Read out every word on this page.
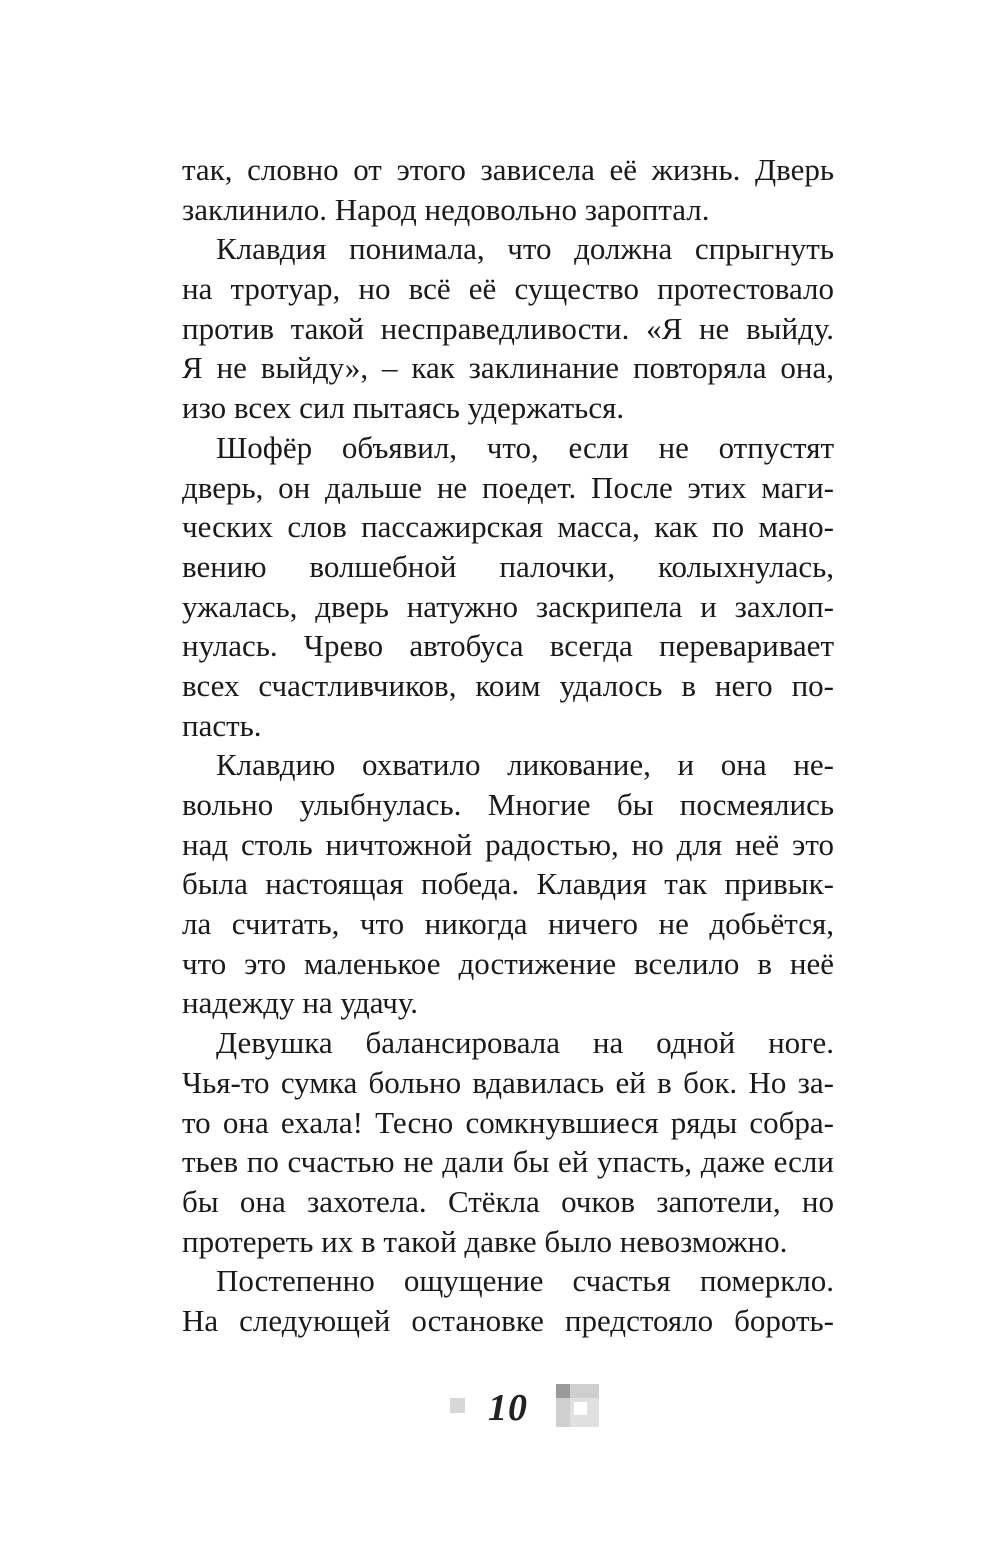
так, словно от этого зависела её жизнь. Дверь
заклинило. Народ недовольно зароптал.
Клавдия понимала, что должна спрыгнуть
на тротуар, но всё её существо протестовало
против такой несправедливости. «Я не выйду.
Я не выйду», – как заклинание повторяла она,
изо всех сил пытаясь удержаться.
Шофёр объявил, что, если не отпустят
дверь, он дальше не поедет. После этих маги-
ческих слов пассажирская масса, как по мано-
вению волшебной палочки, колыхнулась,
ужалась, дверь натужно заскрипела и захлоп-
нулась. Чрево автобуса всегда переваривает
всех счастливчиков, коим удалось в него по-
пасть.
Клавдию охватило ликование, и она не-
вольно улыбнулась. Многие бы посмеялись
над столь ничтожной радостью, но для неё это
была настоящая победа. Клавдия так привык-
ла считать, что никогда ничего не добьётся,
что это маленькое достижение вселило в неё
надежду на удачу.
Девушка балансировала на одной ноге.
Чья-то сумка больно вдавилась ей в бок. Но за-
то она ехала! Тесно сомкнувшиеся ряды собра-
тьев по счастью не дали бы ей упасть, даже если
бы она захотела. Стёкла очков запотели, но
протереть их в такой давке было невозможно.
Постепенно ощущение счастья померкло.
На следующей остановке предстояло бороть-
10
